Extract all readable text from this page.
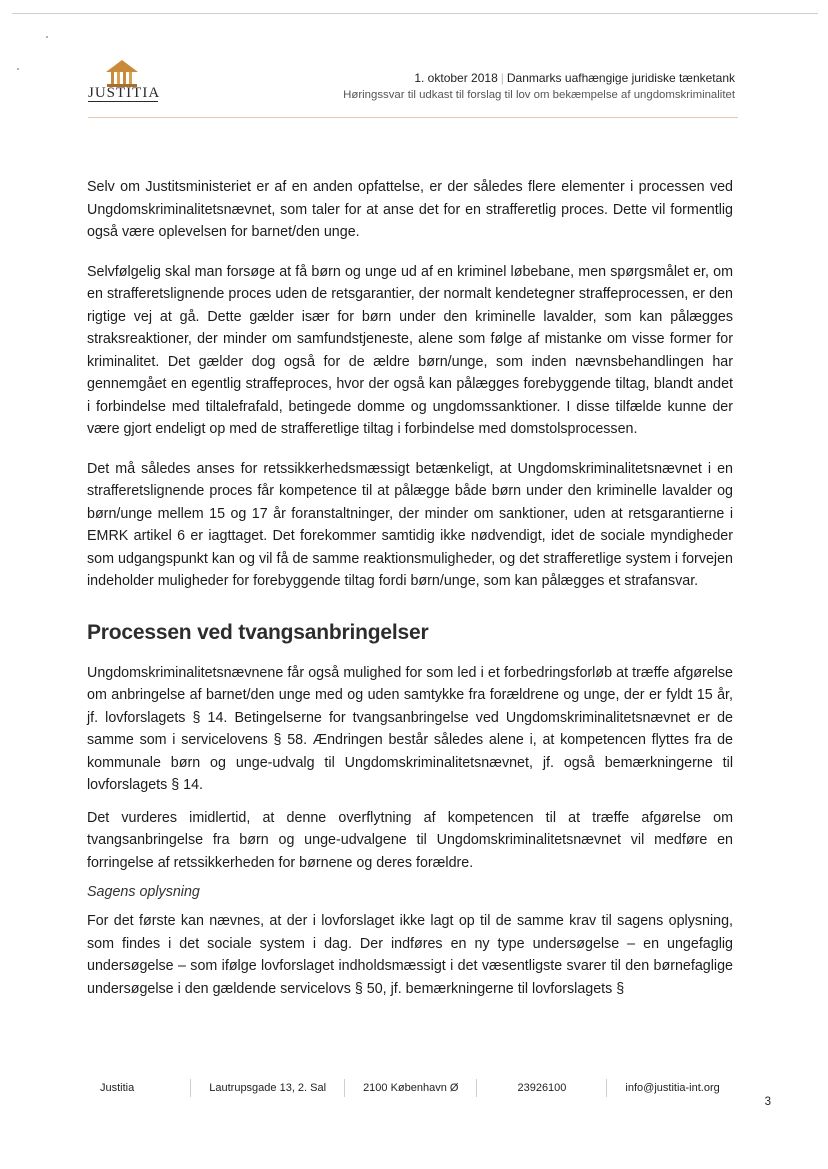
JUSTITIA
1. oktober 2018 | Danmarks uafhængige juridiske tænketank
Høringssvar til udkast til forslag til lov om bekæmpelse af ungdomskriminalitet

Selv om Justitsministeriet er af en anden opfattelse, er der således flere elementer i processen ved Ungdomskriminalitetsnævnet, som taler for at anse det for en strafferetlig proces. Dette vil formentlig også være oplevelsen for barnet/den unge.

Selvfølgelig skal man forsøge at få børn og unge ud af en kriminel løbebane, men spørgsmålet er, om en strafferetslignende proces uden de retsgarantier, der normalt kendetegner straffeprocessen, er den rigtige vej at gå. Dette gælder især for børn under den kriminelle lavalder, som kan pålægges straksreaktioner, der minder om samfundstjeneste, alene som følge af mistanke om visse former for kriminalitet. Det gælder dog også for de ældre børn/unge, som inden nævnsbehandlingen har gennemgået en egentlig straffeproces, hvor der også kan pålægges forebyggende tiltag, blandt andet i forbindelse med tiltalefrafald, betingede domme og ungdomssanktioner. I disse tilfælde kunne der være gjort endeligt op med de strafferetlige tiltag i forbindelse med domstolsprocessen.

Det må således anses for retssikkerhedsmæssigt betænkeligt, at Ungdomskriminalitetsnævnet i en strafferetslignende proces får kompetence til at pålægge både børn under den kriminelle lavalder og børn/unge mellem 15 og 17 år foranstaltninger, der minder om sanktioner, uden at retsgarantierne i EMRK artikel 6 er iagttaget. Det forekommer samtidig ikke nødvendigt, idet de sociale myndigheder som udgangspunkt kan og vil få de samme reaktionsmuligheder, og det strafferetlige system i forvejen indeholder muligheder for forebyggende tiltag fordi børn/unge, som kan pålægges et strafansvar.

Processen ved tvangsanbringelser

Ungdomskriminalitetsnævnene får også mulighed for som led i et forbedringsforløb at træffe afgørelse om anbringelse af barnet/den unge med og uden samtykke fra forældrene og unge, der er fyldt 15 år, jf. lovforslagets § 14. Betingelserne for tvangsanbringelse ved Ungdomskriminalitetsnævnet er de samme som i servicelovens § 58. Ændringen består således alene i, at kompetencen flyttes fra de kommunale børn og unge-udvalg til Ungdomskriminalitetsnævnet, jf. også bemærkningerne til lovforslagets § 14.

Det vurderes imidlertid, at denne overflytning af kompetencen til at træffe afgørelse om tvangsanbringelse fra børn og unge-udvalgene til Ungdomskriminalitetsnævnet vil medføre en forringelse af retssikkerheden for børnene og deres forældre.

Sagens oplysning

For det første kan nævnes, at der i lovforslaget ikke lagt op til de samme krav til sagens oplysning, som findes i det sociale system i dag. Der indføres en ny type undersøgelse – en ungefaglig undersøgelse – som ifølge lovforslaget indholdsmæssigt i det væsentligste svarer til den børnefaglige undersøgelse i den gældende servicelovs § 50, jf. bemærkningerne til lovforslagets §

Justitia	Lautrupsgade 13, 2. Sal	2100 København Ø	23926100	info@justitia-int.org
3
